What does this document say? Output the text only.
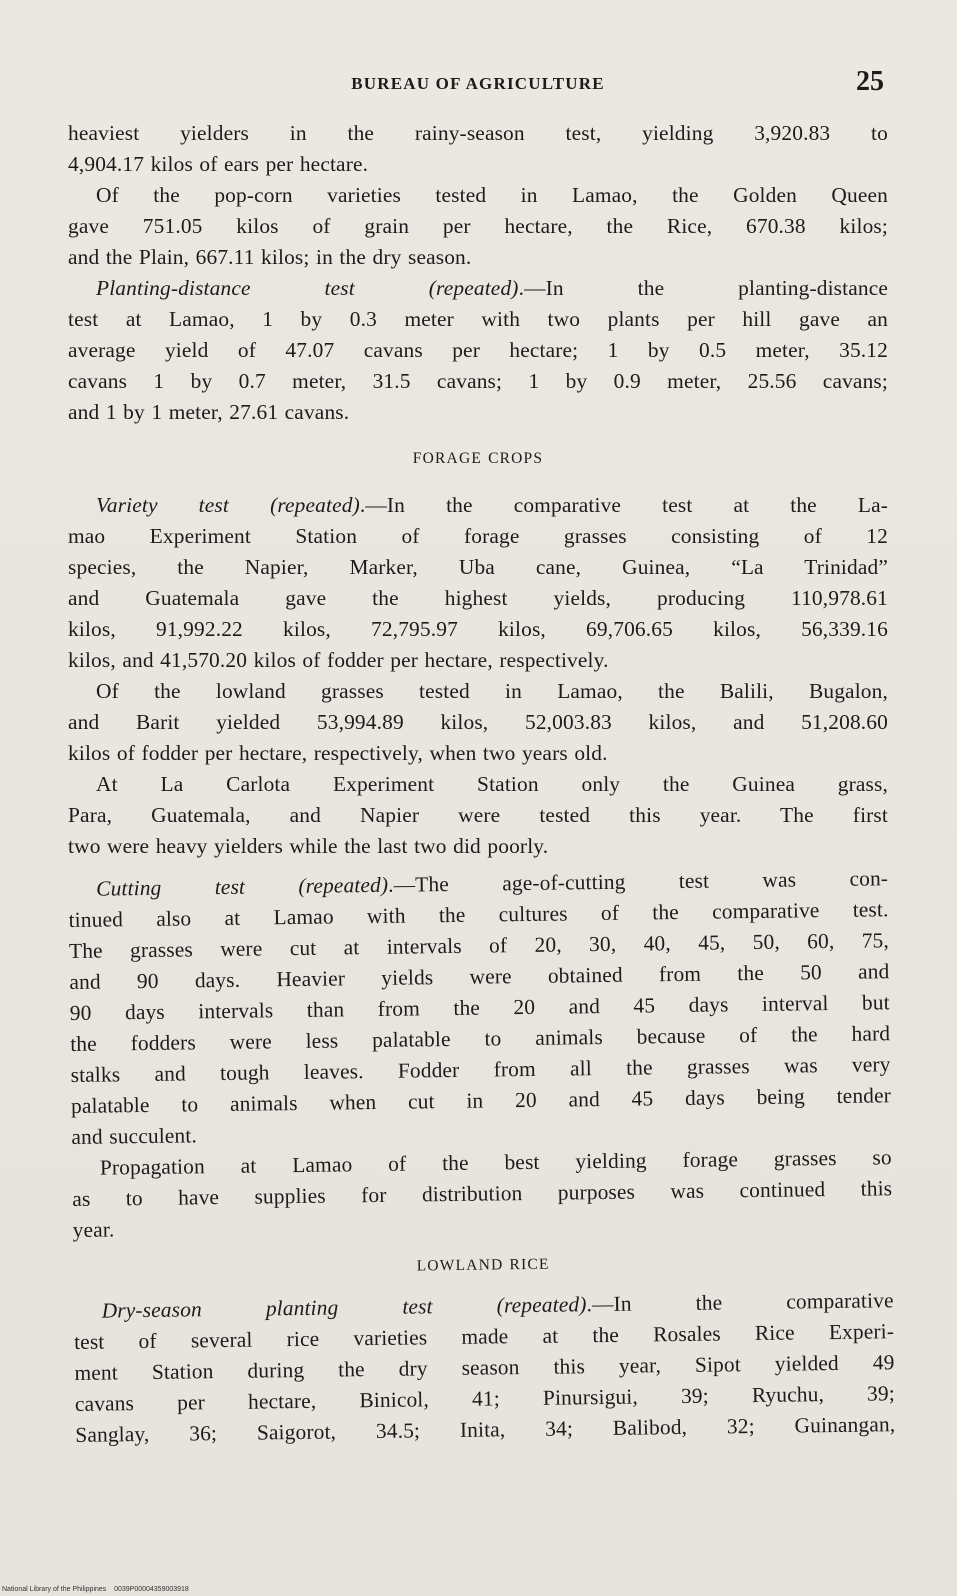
BUREAU OF AGRICULTURE	25
heaviest yielders in the rainy-season test, yielding 3,920.83 to
4,904.17 kilos of ears per hectare.
Of the pop-corn varieties tested in Lamao, the Golden Queen
gave 751.05 kilos of grain per hectare, the Rice, 670.38 kilos;
and the Plain, 667.11 kilos; in the dry season.
Planting-distance test	(repeated).—In the planting-distance
test at Lamao, 1 by 0.3 meter with two plants per hill gave an
average yield of 47.07 cavans per hectare; 1 by 0.5 meter, 35.12
cavans 1 by 0.7 meter, 31.5 cavans; 1 by 0.9 meter, 25.56 cavans;
and 1 by 1 meter, 27.61 cavans.
FORAGE CROPS
Variety test (repeated).—In the comparative test at the La-
mao Experiment Station of forage grasses consisting of 12
species, the Napier, Marker, Uba cane, Guinea, “La Trinidad”
and Guatemala gave the highest yields, producing 110,978.61
kilos, 91,992.22 kilos, 72,795.97 kilos, 69,706.65 kilos, 56,339.16
kilos, and 41,570.20 kilos of fodder per hectare, respectively.
Of the lowland grasses tested in Lamao, the Balili, Bugalon,
and Barit yielded 53,994.89 kilos, 52,003.83 kilos, and 51,208.60
kilos of fodder per hectare, respectively, when two years old.
At La Carlota Experiment Station only the Guinea grass,
Para, Guatemala, and Napier were tested this year. The first
two were heavy yielders while the last two did poorly.
Cutting test (repeated).—The age-of-cutting test was con-
tinued also at Lamao with the cultures of the comparative test.
The grasses were cut at intervals of 20, 30, 40, 45, 50, 60, 75,
and 90 days. Heavier yields were obtained from the 50 and
90 days intervals than from the 20 and 45 days interval but
the fodders were less palatable to animals because of the hard
stalks and tough leaves. Fodder from all the grasses was very
palatable to animals when cut in 20 and 45 days being tender
and succulent.
Propagation at Lamao of the best yielding forage grasses so
as to have supplies for distribution purposes was continued this
year.
LOWLAND RICE
Dry-season planting test	(repeated).—In the comparative
test of several rice varieties made at the Rosales Rice Experi-
ment Station during the dry season this year, Sipot yielded 49
cavans per hectare, Binicol, 41; Pinursigui, 39; Ryuchu, 39;
Sanglay, 36; Saigorot, 34.5; Inita, 34; Balibod, 32; Guinangan,
National Library of the Philippines 0039P00004359003918
